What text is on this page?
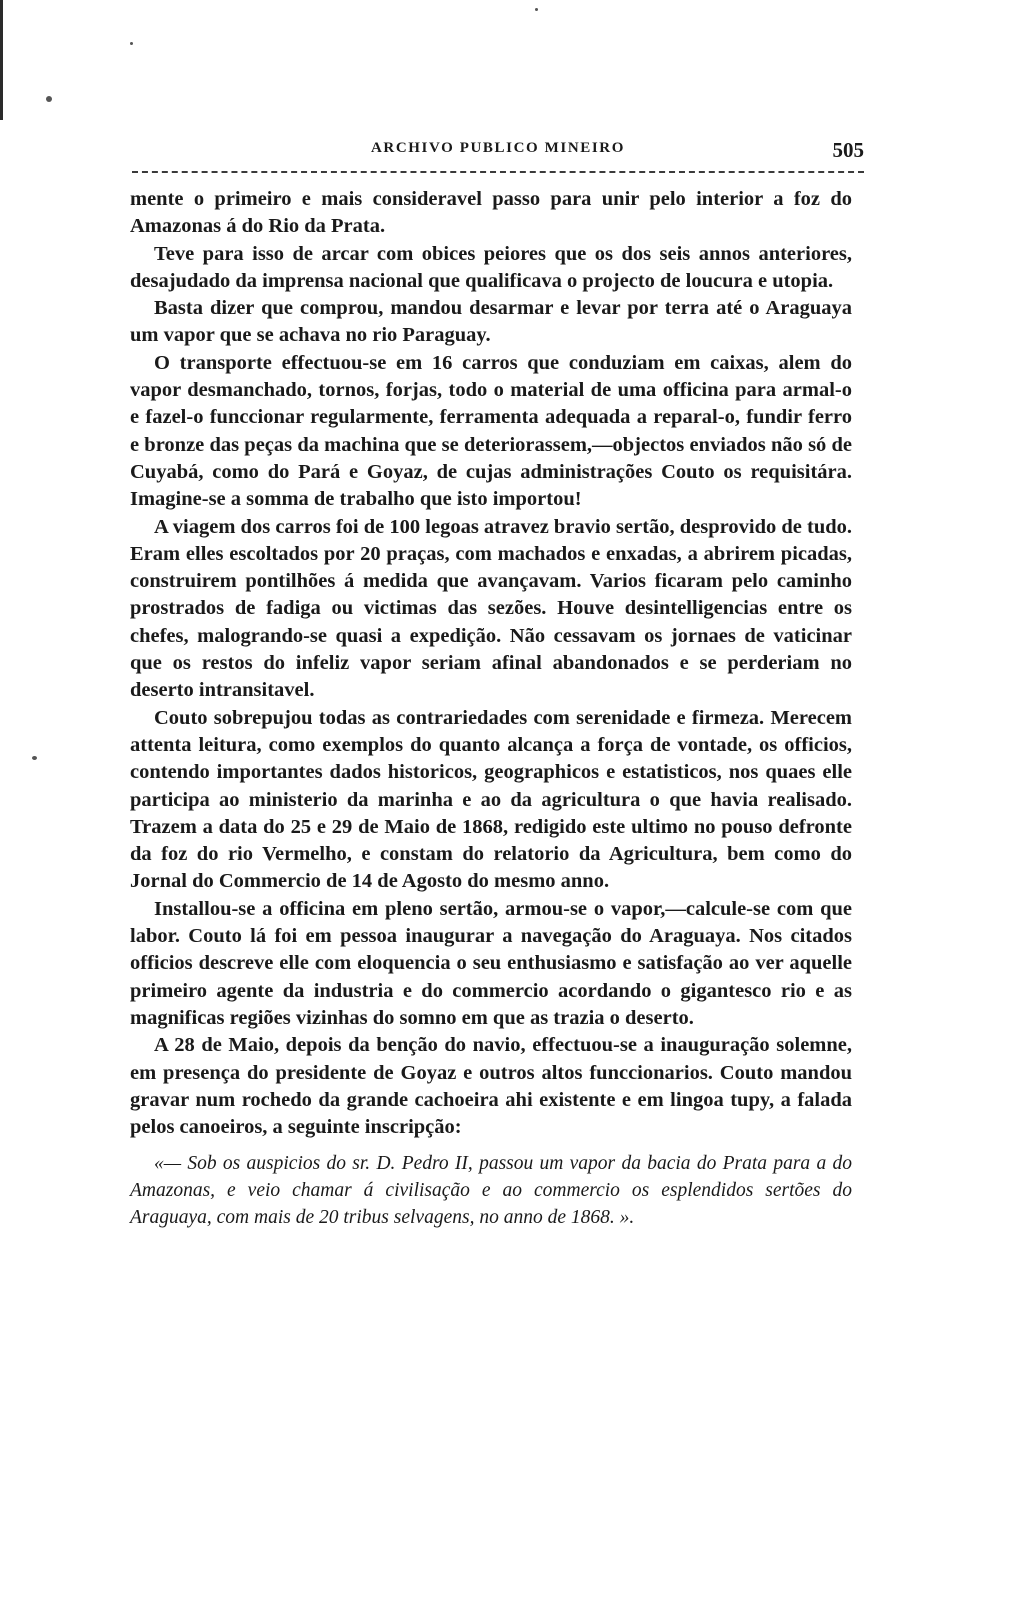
ARCHIVO PUBLICO MINEIRO	505

mente o primeiro e mais consideravel passo para unir pelo interior a foz do Amazonas á do Rio da Prata.

Teve para isso de arcar com obices peiores que os dos seis annos anteriores, desajudado da imprensa nacional que qualificava o projecto de loucura e utopia.

Basta dizer que comprou, mandou desarmar e levar por terra até o Araguaya um vapor que se achava no rio Paraguay.

O transporte effectuou-se em 16 carros que conduziam em caixas, alem do vapor desmanchado, tornos, forjas, todo o material de uma officina para armal-o e fazel-o funccionar regularmente, ferramenta adequada a reparal-o, fundir ferro e bronze das peças da machina que se deteriorassem,—objectos enviados não só de Cuyabá, como do Pará e Goyaz, de cujas administrações Couto os requisitára. Imagine-se a somma de trabalho que isto importou!

A viagem dos carros foi de 100 legoas atravez bravio sertão, desprovido de tudo. Eram elles escoltados por 20 praças, com machados e enxadas, a abrirem picadas, construirem pontilhões á medida que avançavam. Varios ficaram pelo caminho prostrados de fadiga ou victimas das sezões. Houve desintelligencias entre os chefes, malogrando-se quasi a expedição. Não cessavam os jornaes de vaticinar que os restos do infeliz vapor seriam afinal abandonados e se perderiam no deserto intransitavel.

Couto sobrepujou todas as contrariedades com serenidade e firmeza. Merecem attenta leitura, como exemplos do quanto alcança a força de vontade, os officios, contendo importantes dados historicos, geographicos e estatisticos, nos quaes elle participa ao ministerio da marinha e ao da agricultura o que havia realisado. Trazem a data do 25 e 29 de Maio de 1868, redigido este ultimo no pouso defronte da foz do rio Vermelho, e constam do relatorio da Agricultura, bem como do Jornal do Commercio de 14 de Agosto do mesmo anno.

Installou-se a officina em pleno sertão, armou-se o vapor,—calcule-se com que labor. Couto lá foi em pessoa inaugurar a navegação do Araguaya. Nos citados officios descreve elle com eloquencia o seu enthusiasmo e satisfação ao ver aquelle primeiro agente da industria e do commercio acordando o gigantesco rio e as magnificas regiões vizinhas do somno em que as trazia o deserto.

A 28 de Maio, depois da benção do navio, effectuou-se a inauguração solemne, em presença do presidente de Goyaz e outros altos funccionarios. Couto mandou gravar num rochedo da grande cachoeira ahi existente e em lingoa tupy, a falada pelos canoeiros, a seguinte inscripção:

«— Sob os auspicios do sr. D. Pedro II, passou um vapor da bacia do Prata para a do Amazonas, e veio chamar á civilisação e ao commercio os esplendidos sertões do Araguaya, com mais de 20 tribus selvagens, no anno de 1868. ».
